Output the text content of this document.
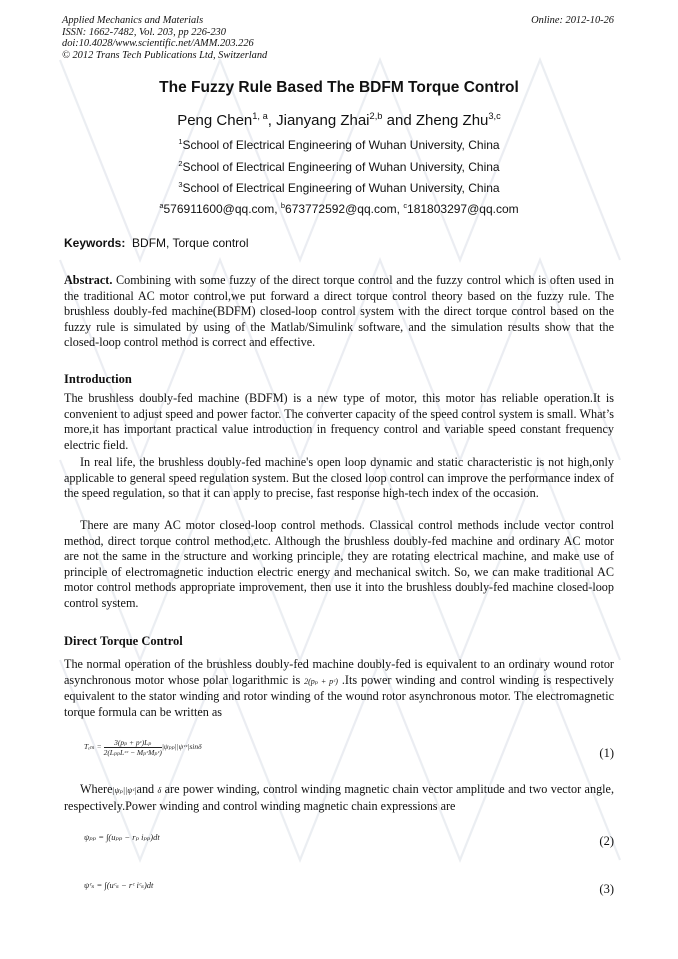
Applied Mechanics and Materials
ISSN: 1662-7482, Vol. 203, pp 226-230
doi:10.4028/www.scientific.net/AMM.203.226
© 2012 Trans Tech Publications Ltd, Switzerland
Online: 2012-10-26
The Fuzzy Rule Based The BDFM Torque Control
Peng Chen$^{1, a}$, Jianyang Zhai$^{2,b}$ and Zheng Zhu$^{3,c}$
$^1$School of Electrical Engineering of Wuhan University, China
$^2$School of Electrical Engineering of Wuhan University, China
$^3$School of Electrical Engineering of Wuhan University, China
$^a$576911600@qq.com, $^b$673772592@qq.com, $^c$181803297@qq.com
Keywords: BDFM, Torque control
Abstract. Combining with some fuzzy of the direct torque control and the fuzzy control which is often used in the traditional AC motor control,we put forward a direct torque control theory based on the fuzzy rule. The brushless doubly-fed machine(BDFM) closed-loop control system with the direct torque control based on the fuzzy rule is simulated by using of the Matlab/Simulink software, and the simulation results show that the closed-loop control method is correct and effective.
Introduction
The brushless doubly-fed machine (BDFM) is a new type of motor, this motor has reliable operation.It is convenient to adjust speed and power factor. The converter capacity of the speed control system is small. What’s more,it has important practical value introduction in frequency control and variable speed constant frequency electric field.
In real life, the brushless doubly-fed machine's open loop dynamic and static characteristic is not high,only applicable to general speed regulation system. But the closed loop control can improve the performance index of the speed regulation, so that it can apply to precise, fast response high-tech index of the occasion.
There are many AC motor closed-loop control methods. Classical control methods include vector control method, direct torque control method,etc. Although the brushless doubly-fed machine and ordinary AC motor are not the same in the structure and working principle, they are rotating electrical machine, and make use of principle of electromagnetic induction electric energy and mechanical switch. So, we can make traditional AC motor control methods appropriate improvement, then use it into the brushless doubly-fed machine closed-loop control system.
Direct Torque Control
The normal operation of the brushless doubly-fed machine doubly-fed is equivalent to an ordinary wound rotor asynchronous motor whose polar logarithmic is 2(pₚ + pᶜ) .Its power winding and control winding is respectively equivalent to the stator winding and rotor winding of the wound rotor asynchronous motor. The electromagnetic torque formula can be written as
$T_{em} = \frac{\text{3(pₚ + pᶜ)Lₚ}}{\text{2(LₚₚLᶜᶜ − MₚᶜMₚᶜ)}}$ |ψₚₚ||ψᶜᶜ|sinδ	(1)
Where|ψₚ||ψᶜ|and δ are power winding, control winding magnetic chain vector amplitude and two vector angle, respectively.Power winding and control winding magnetic chain expressions are
ψₚₚ = ∫(uₚₚ − rₚ iₚₚ)dt	(2)
ψᶜₛ = ∫(uᶜₛ − rᶜ iᶜₛ)dt	(3)
